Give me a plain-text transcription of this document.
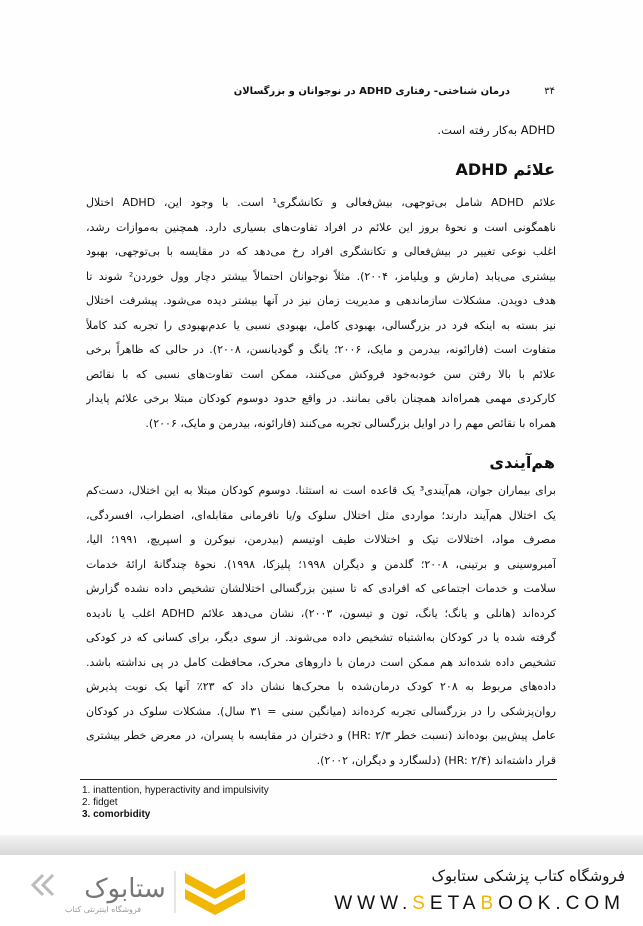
۳۴
درمان شناختی- رفتاری ADHD در نوجوانان و بزرگسالان
ADHD به‌کار رفته است.
علائم ADHD
علائم ADHD شامل بی‌توجهی، بیش‌فعالی و تکانشگری¹ است. با وجود این، ADHD اختلال
ناهمگونی است و نحوهٔ بروز این علائم در افراد تفاوت‌های بسیاری دارد. همچنین به‌موازات رشد،
اغلب نوعی تغییر در بیش‌فعالی و تکانشگری افراد رخ می‌دهد که در مقایسه با بی‌توجهی، بهبود
بیشتری می‌یابد (مارش و ویلیامز، ۲۰۰۴). مثلاً نوجوانان احتمالاً بیشتر دچار وول خوردن² شوند تا
هدف دویدن. مشکلات سازماندهی و مدیریت زمان نیز در آنها بیشتر دیده می‌شود. پیشرفت اختلال
نیز بسته به اینکه فرد در بزرگسالی، بهبودی کامل، بهبودی نسبی یا عدم‌بهبودی را تجربه کند کاملاً
متفاوت است (فارائونه، بیدرمن و مایک، ۲۰۰۶؛ یانگ و گودیانسن، ۲۰۰۸). در حالی که ظاهراً برخی
علائم با بالا رفتن سن خودبه‌خود فروکش می‌کنند، ممکن است تفاوت‌های نسبی که با نقائص
کارکردی مهمی همراه‌اند همچنان باقی بمانند. در واقع حدود دوسوم کودکان مبتلا برخی علائم پایدار
همراه با نقائص مهم را در اوایل بزرگسالی تجربه می‌کنند (فارائونه، بیدرمن و مایک، ۲۰۰۶).
هم‌آیندی
برای بیماران جوان، هم‌آیندی³ یک قاعده است نه استثنا. دوسوم کودکان مبتلا به این اختلال، دست‌کم
یک اختلال هم‌آیند دارند؛ مواردی مثل اختلال سلوک و/یا نافرمانی مقابله‌ای، اضطراب، افسردگی،
مصرف مواد، اختلالات تیک و اختلالات طیف اوتیسم (بیدرمن، نیوکرن و اسپریچ، ۱۹۹۱؛ الیا،
آمبروسینی و برتینی، ۲۰۰۸؛ گلدمن و دیگران ۱۹۹۸؛ پلیزکا، ۱۹۹۸). نحوهٔ چندگانهٔ ارائهٔ خدمات
سلامت و خدمات اجتماعی که افرادی که تا سنین بزرگسالی اختلالشان تشخیص داده نشده گزارش
کرده‌اند (هانلی و یانگ؛ یانگ، تون و تیسون، ۲۰۰۳)، نشان می‌دهد علائم ADHD اغلب یا نادیده
گرفته شده یا در کودکان به‌اشتباه تشخیص داده می‌شوند. از سوی دیگر، برای کسانی که در کودکی
تشخیص داده شده‌اند هم ممکن است درمان با داروهای محرک، محافظت کامل در پی نداشته باشد.
داده‌های مربوط به ۲۰۸ کودک درمان‌شده با محرک‌ها نشان داد که ۲۳٪ آنها یک نوبت پذیرش
روان‌پزشکی را در بزرگسالی تجربه کرده‌اند (میانگین سنی = ۳۱ سال). مشکلات سلوک در کودکان
عامل پیش‌بین بوده‌اند (نسبت خطر HR: ۲/۳) و دختران در مقایسه با پسران، در معرض خطر بیشتری
قرار داشته‌اند (HR: ۲/۴) (دلسگارد و دیگران، ۲۰۰۲).
1. inattention, hyperactivity and impulsivity
2. fidget
3. comorbidity
ستابوک
فروشگاه اینترنتی کتاب
فروشگاه کتاب پزشکی ستابوک
WWW.SETABOOK.COM
